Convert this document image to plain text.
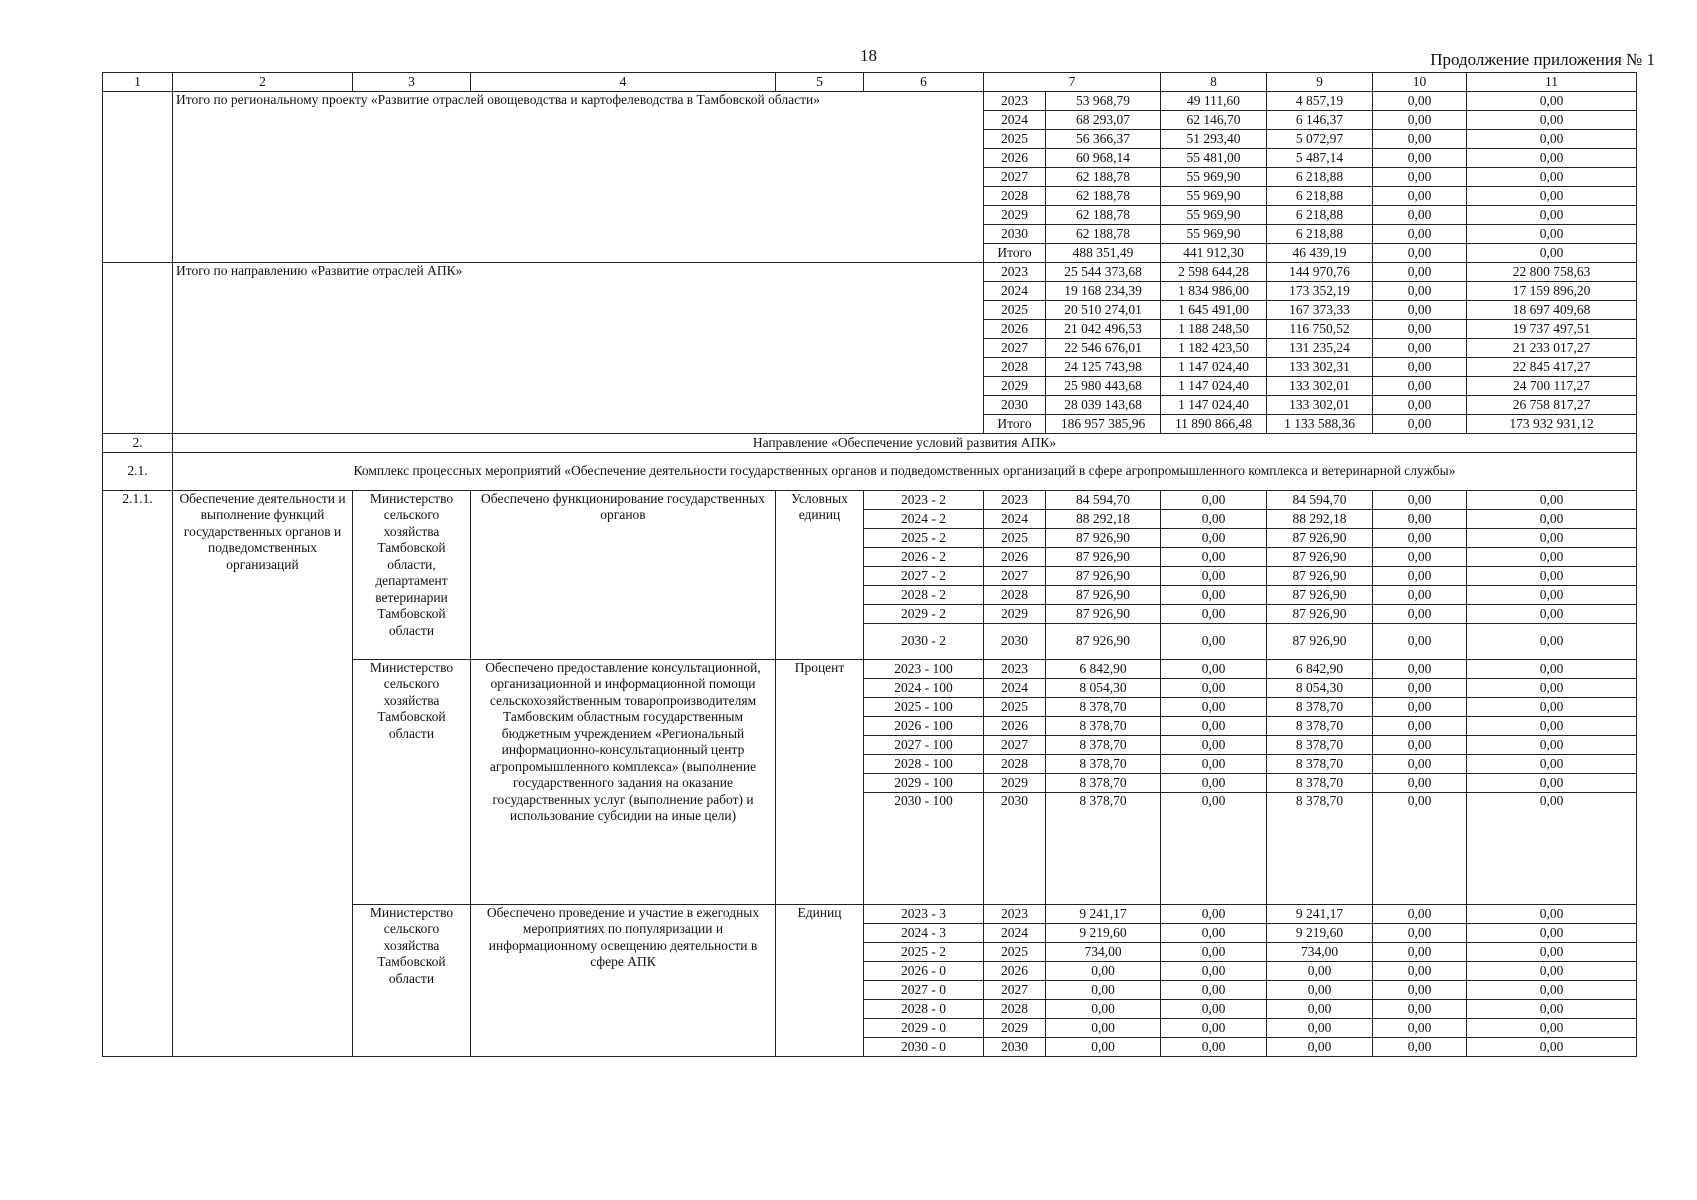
18	Продолжение приложения № 1
1	2	3	4	5	6	7		8	9	10	11
	Итого по региональному проекту «Развитие отраслей овощеводства и картофелеводства в Тамбовской области»					2023	53 968,79	49 111,60	4 857,19	0,00	0,00
						2024	68 293,07	62 146,70	6 146,37	0,00	0,00
						2025	56 366,37	51 293,40	5 072,97	0,00	0,00
						2026	60 968,14	55 481,00	5 487,14	0,00	0,00
						2027	62 188,78	55 969,90	6 218,88	0,00	0,00
						2028	62 188,78	55 969,90	6 218,88	0,00	0,00
						2029	62 188,78	55 969,90	6 218,88	0,00	0,00
						2030	62 188,78	55 969,90	6 218,88	0,00	0,00
						Итого	488 351,49	441 912,30	46 439,19	0,00	0,00
	Итого по направлению «Развитие отраслей АПК»					2023	25 544 373,68	2 598 644,28	144 970,76	0,00	22 800 758,63
						2024	19 168 234,39	1 834 986,00	173 352,19	0,00	17 159 896,20
						2025	20 510 274,01	1 645 491,00	167 373,33	0,00	18 697 409,68
						2026	21 042 496,53	1 188 248,50	116 750,52	0,00	19 737 497,51
						2027	22 546 676,01	1 182 423,50	131 235,24	0,00	21 233 017,27
						2028	24 125 743,98	1 147 024,40	133 302,31	0,00	22 845 417,27
						2029	25 980 443,68	1 147 024,40	133 302,01	0,00	24 700 117,27
						2030	28 039 143,68	1 147 024,40	133 302,01	0,00	26 758 817,27
						Итого	186 957 385,96	11 890 866,48	1 133 588,36	0,00	173 932 931,12
2.	Направление «Обеспечение условий развития АПК»										
2.1.	Комплекс процессных мероприятий «Обеспечение деятельности государственных органов и подведомственных организаций в сфере агропромышленного комплекса и ветеринарной службы»										
2.1.1.	Обеспечение деятельности и выполнение функций государственных органов и подведомственных организаций	Министерство сельского хозяйства Тамбовской области, департамент ветеринарии Тамбовской области	Обеспечено функционирование государственных органов	Условных единиц	2023 - 2	2023	84 594,70	0,00	84 594,70	0,00	0,00
					2024 - 2	2024	88 292,18	0,00	88 292,18	0,00	0,00
					2025 - 2	2025	87 926,90	0,00	87 926,90	0,00	0,00
					2026 - 2	2026	87 926,90	0,00	87 926,90	0,00	0,00
					2027 - 2	2027	87 926,90	0,00	87 926,90	0,00	0,00
					2028 - 2	2028	87 926,90	0,00	87 926,90	0,00	0,00
					2029 - 2	2029	87 926,90	0,00	87 926,90	0,00	0,00
					2030 - 2	2030	87 926,90	0,00	87 926,90	0,00	0,00
		Министерство сельского хозяйства Тамбовской области	Обеспечено предоставление консультационной, организационной и информационной помощи сельскохозяйственным товаропроизводителям Тамбовским областным государственным бюджетным учреждением «Региональный информационно-консультационный центр агропромышленного комплекса» (выполнение государственного задания на оказание государственных услуг (выполнение работ) и использование субсидии на иные цели)	Процент	2023 - 100	2023	6 842,90	0,00	6 842,90	0,00	0,00
					2024 - 100	2024	8 054,30	0,00	8 054,30	0,00	0,00
					2025 - 100	2025	8 378,70	0,00	8 378,70	0,00	0,00
					2026 - 100	2026	8 378,70	0,00	8 378,70	0,00	0,00
					2027 - 100	2027	8 378,70	0,00	8 378,70	0,00	0,00
					2028 - 100	2028	8 378,70	0,00	8 378,70	0,00	0,00
					2029 - 100	2029	8 378,70	0,00	8 378,70	0,00	0,00
					2030 - 100	2030	8 378,70	0,00	8 378,70	0,00	0,00
		Министерство сельского хозяйства Тамбовской области	Обеспечено проведение и участие в ежегодных мероприятиях по популяризации и информационному освещению деятельности в сфере АПК	Единиц	2023 - 3	2023	9 241,17	0,00	9 241,17	0,00	0,00
					2024 - 3	2024	9 219,60	0,00	9 219,60	0,00	0,00
					2025 - 2	2025	734,00	0,00	734,00	0,00	0,00
					2026 - 0	2026	0,00	0,00	0,00	0,00	0,00
					2027 - 0	2027	0,00	0,00	0,00	0,00	0,00
					2028 - 0	2028	0,00	0,00	0,00	0,00	0,00
					2029 - 0	2029	0,00	0,00	0,00	0,00	0,00
					2030 - 0	2030	0,00	0,00	0,00	0,00	0,00
